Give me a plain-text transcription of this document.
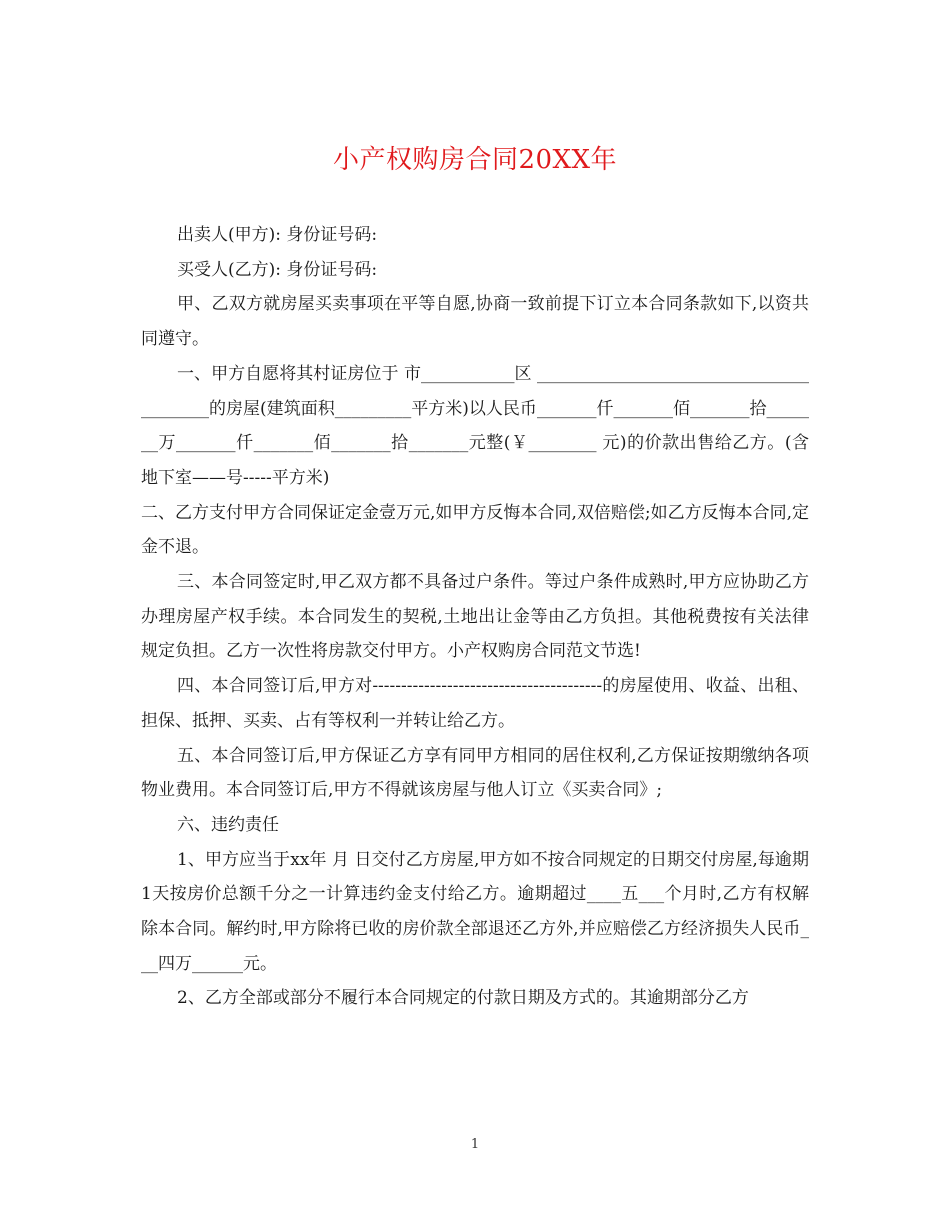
小产权购房合同20XX年

出卖人(甲方): 身份证号码:

买受人(乙方): 身份证号码:

甲、乙双方就房屋买卖事项在平等自愿,协商一致前提下订立本合同条款如下,以资共同遵守。

一、甲方自愿将其村证房位于 市___________区 ________________________________________的房屋(建筑面积_________平方米)以人民币_______仟_______佰_______拾_______万_______仟_______佰_______拾_______元整(￥________ 元)的价款出售给乙方。(含地下室——号-----平方米)

二、乙方支付甲方合同保证定金壹万元,如甲方反悔本合同,双倍赔偿;如乙方反悔本合同,定金不退。

三、本合同签定时,甲乙双方都不具备过户条件。等过户条件成熟时,甲方应协助乙方办理房屋产权手续。本合同发生的契税,土地出让金等由乙方负担。其他税费按有关法律规定负担。乙方一次性将房款交付甲方。小产权购房合同范文节选!

四、本合同签订后,甲方对----------------------------------------的房屋使用、收益、出租、担保、抵押、买卖、占有等权利一并转让给乙方。

五、本合同签订后,甲方保证乙方享有同甲方相同的居住权利,乙方保证按期缴纳各项物业费用。本合同签订后,甲方不得就该房屋与他人订立《买卖合同》;

六、违约责任

1、甲方应当于xx年 月 日交付乙方房屋,甲方如不按合同规定的日期交付房屋,每逾期1天按房价总额千分之一计算违约金支付给乙方。逾期超过____五___个月时,乙方有权解除本合同。解约时,甲方除将已收的房价款全部退还乙方外,并应赔偿乙方经济损失人民币___四万______元。

2、乙方全部或部分不履行本合同规定的付款日期及方式的。其逾期部分乙方

1
